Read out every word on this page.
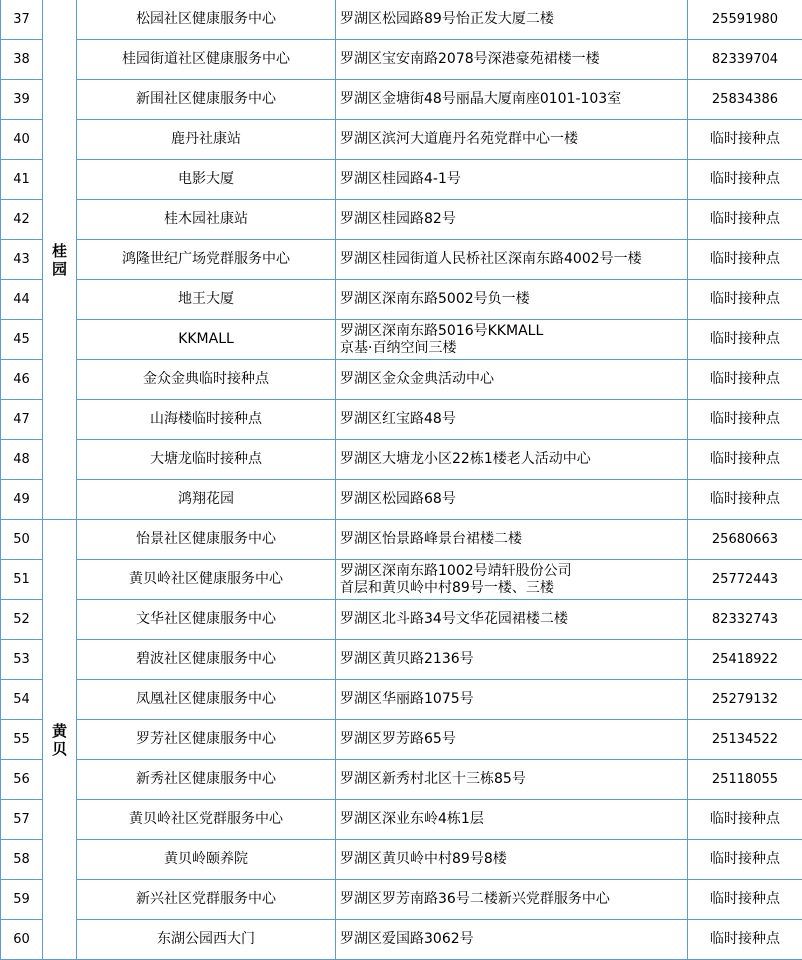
37	桂园	松园社区健康服务中心	罗湖区松园路89号怡正发大厦二楼	25591980
38		桂园街道社区健康服务中心	罗湖区宝安南路2078号深港豪苑裙楼一楼	82339704
39		新围社区健康服务中心	罗湖区金塘街48号丽晶大厦南座0101-103室	25834386
40		鹿丹社康站	罗湖区滨河大道鹿丹名苑党群中心一楼	临时接种点
41		电影大厦	罗湖区桂园路4-1号	临时接种点
42		桂木园社康站	罗湖区桂园路82号	临时接种点
43		鸿隆世纪广场党群服务中心	罗湖区桂园街道人民桥社区深南东路4002号一楼	临时接种点
44		地王大厦	罗湖区深南东路5002号负一楼	临时接种点
45		KKMALL	罗湖区深南东路5016号KKMALL
京基·百纳空间三楼	临时接种点
46		金众金典临时接种点	罗湖区金众金典活动中心	临时接种点
47		山海楼临时接种点	罗湖区红宝路48号	临时接种点
48		大塘龙临时接种点	罗湖区大塘龙小区22栋1楼老人活动中心	临时接种点
49		鸿翔花园	罗湖区松园路68号	临时接种点
50	黄贝	怡景社区健康服务中心	罗湖区怡景路峰景台裙楼二楼	25680663
51		黄贝岭社区健康服务中心	罗湖区深南东路1002号靖轩股份公司
首层和黄贝岭中村89号一楼、三楼	25772443
52		文华社区健康服务中心	罗湖区北斗路34号文华花园裙楼二楼	82332743
53		碧波社区健康服务中心	罗湖区黄贝路2136号	25418922
54		凤凰社区健康服务中心	罗湖区华丽路1075号	25279132
55		罗芳社区健康服务中心	罗湖区罗芳路65号	25134522
56		新秀社区健康服务中心	罗湖区新秀村北区十三栋85号	25118055
57		黄贝岭社区党群服务中心	罗湖区深业东岭4栋1层	临时接种点
58		黄贝岭颐养院	罗湖区黄贝岭中村89号8楼	临时接种点
59		新兴社区党群服务中心	罗湖区罗芳南路36号二楼新兴党群服务中心	临时接种点
60		东湖公园西大门	罗湖区爱国路3062号	临时接种点
